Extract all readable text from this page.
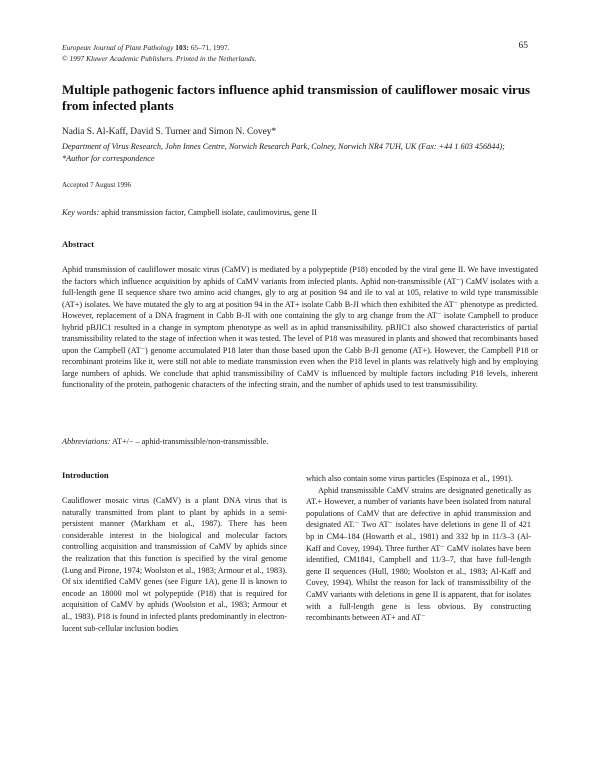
European Journal of Plant Pathology 103: 65–71, 1997.
© 1997 Kluwer Academic Publishers. Printed in the Netherlands.
65
Multiple pathogenic factors influence aphid transmission of cauliflower mosaic virus from infected plants
Nadia S. Al-Kaff, David S. Turner and Simon N. Covey*
Department of Virus Research, John Innes Centre, Norwich Research Park, Colney, Norwich NR4 7UH, UK (Fax: +44 1 603 456844); *Author for correspondence
Accepted 7 August 1996
Key words: aphid transmission factor, Campbell isolate, caulimovirus, gene II
Abstract
Aphid transmission of cauliflower mosaic virus (CaMV) is mediated by a polypeptide (P18) encoded by the viral gene II. We have investigated the factors which influence acquisition by aphids of CaMV variants from infected plants. Aphid non-transmissible (AT⁻) CaMV isolates with a full-length gene II sequence share two amino acid changes, gly to arg at position 94 and ile to val at 105, relative to wild type transmissible (AT+) isolates. We have mutated the gly to arg at position 94 in the AT+ isolate Cabb B-JI which then exhibited the AT⁻ phenotype as predicted. However, replacement of a DNA fragment in Cabb B-JI with one containing the gly to arg change from the AT⁻ isolate Campbell to produce hybrid pBJIC1 resulted in a change in symptom phenotype as well as in aphid transmissibility. pBJIC1 also showed characteristics of partial transmissibility related to the stage of infection when it was tested. The level of P18 was measured in plants and showed that recombinants based upon the Campbell (AT⁻) genome accumulated P18 later than those based upon the Cabb B-JI genome (AT+). However, the Campbell P18 or recombinant proteins like it, were still not able to mediate transmission even when the P18 level in plants was relatively high and by employing large numbers of aphids. We conclude that aphid transmissibility of CaMV is influenced by multiple factors including P18 levels, inherent functionality of the protein, pathogenic characters of the infecting strain, and the number of aphids used to test transmissibility.
Abbreviations: AT+/− – aphid-transmissible/non-transmissible.
Introduction

Cauliflower mosaic virus (CaMV) is a plant DNA virus that is naturally transmitted from plant to plant by aphids in a semi-persistent manner (Markham et al., 1987). There has been considerable interest in the biological and molecular factors controlling acquisition and transmission of CaMV by aphids since the realization that this function is specified by the viral genome (Lung and Pirone, 1974; Woolston et al., 1983; Armour et al., 1983). Of six identified CaMV genes (see Figure 1A), gene II is known to encode an 18000 mol wt polypeptide (P18) that is required for acquisition of CaMV by aphids (Woolston et al., 1983; Armour et al., 1983). P18 is found in infected plants predominantly in electron-lucent sub-cellular inclusion bodies

which also contain some virus particles (Espinoza et al., 1991).

Aphid transmissible CaMV strains are designated genetically as AT.+ However, a number of variants have been isolated from natural populations of CaMV that are defective in aphid transmission and designated AT.⁻ Two AT⁻ isolates have deletions in gene II of 421 bp in CM4–184 (Howarth et al., 1981) and 332 bp in 11/3–3 (Al-Kaff and Covey, 1994). Three further AT⁻ CaMV isolates have been identified, CM1841, Campbell and 11/3–7, that have full-length gene II sequences (Hull, 1980; Woolston et al., 1983; Al-Kaff and Covey, 1994). Whilst the reason for lack of transmissibility of the CaMV variants with deletions in gene II is apparent, that for isolates with a full-length gene is less obvious. By constructing recombinants between AT+ and AT⁻
